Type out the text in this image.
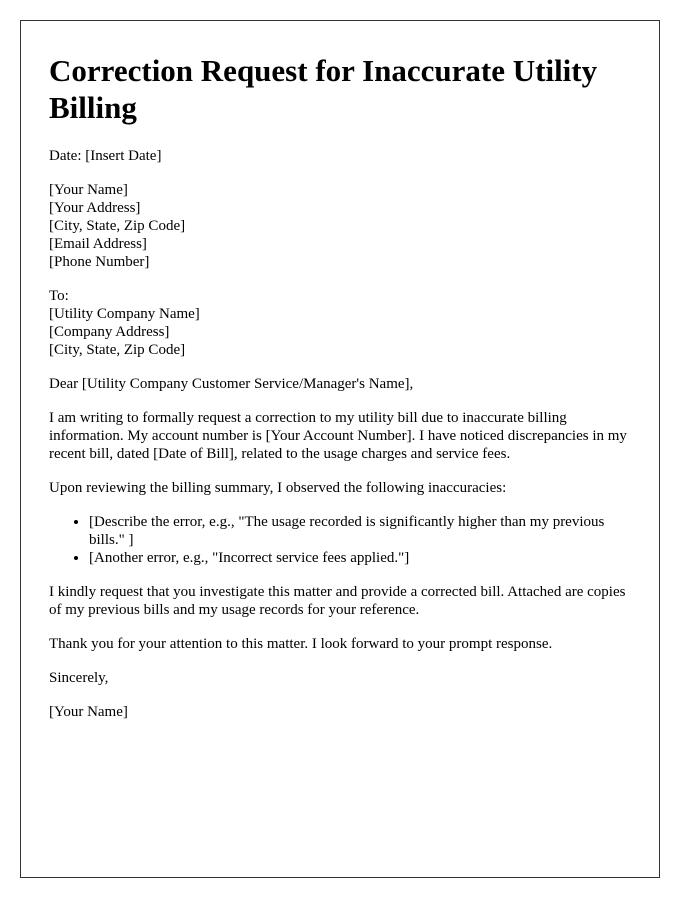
Correction Request for Inaccurate Utility Billing

Date: [Insert Date]

[Your Name]
[Your Address]
[City, State, Zip Code]
[Email Address]
[Phone Number]
To:
[Utility Company Name]
[Company Address]
[City, State, Zip Code]

Dear [Utility Company Customer Service/Manager's Name],

I am writing to formally request a correction to my utility bill due to inaccurate billing information. My account number is [Your Account Number]. I have noticed discrepancies in my recent bill, dated [Date of Bill], related to the usage charges and service fees.

Upon reviewing the billing summary, I observed the following inaccuracies:

• [Describe the error, e.g., "The usage recorded is significantly higher than my previous bills." ]
• [Another error, e.g., "Incorrect service fees applied."]

I kindly request that you investigate this matter and provide a corrected bill. Attached are copies of my previous bills and my usage records for your reference.

Thank you for your attention to this matter. I look forward to your prompt response.

Sincerely,

[Your Name]
